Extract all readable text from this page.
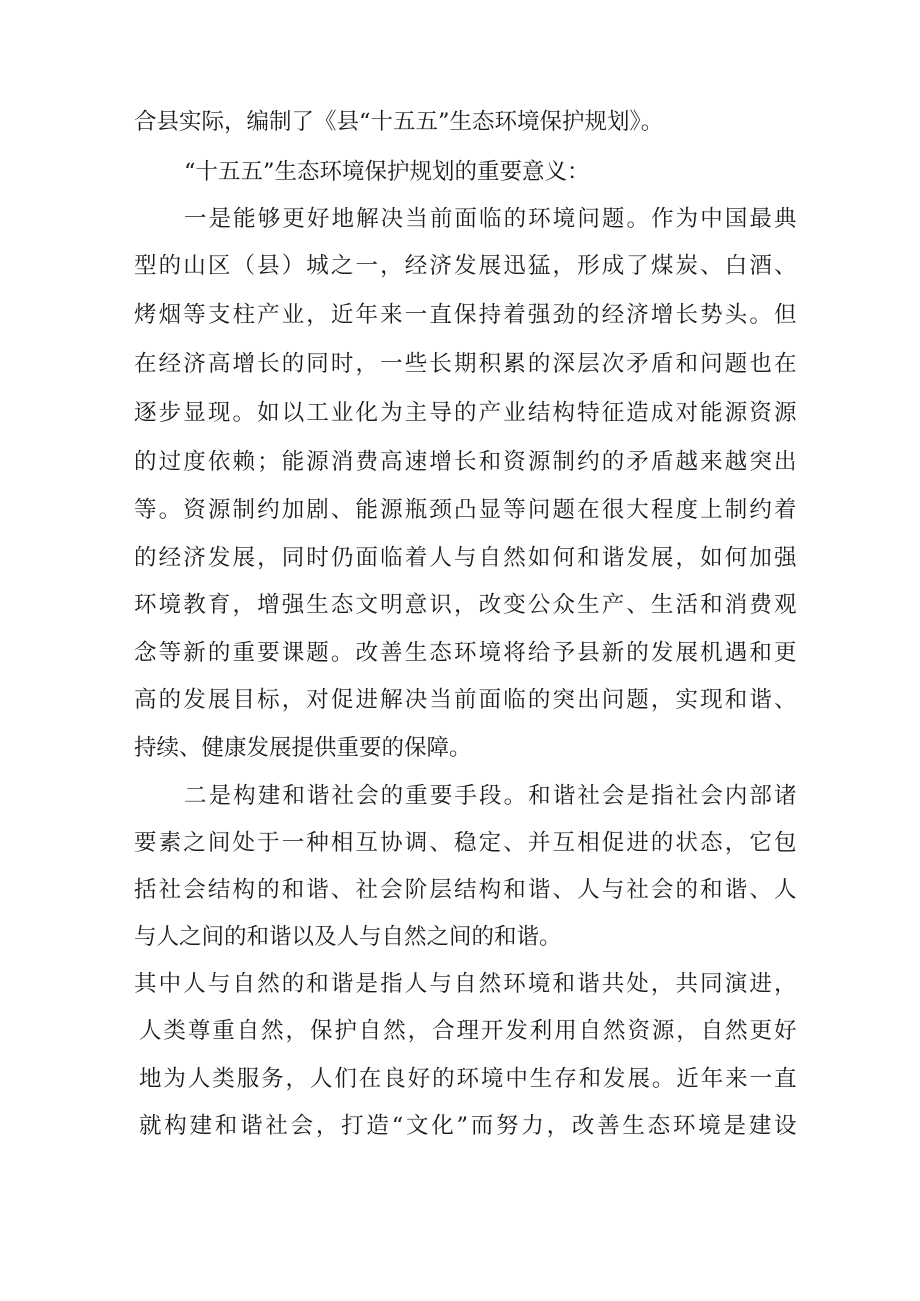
合县实际，编制了《县“十五五”生态环境保护规划》。
“十五五”生态环境保护规划的重要意义：
一是能够更好地解决当前面临的环境问题。作为中国最典
型的山区（县）城之一，经济发展迅猛，形成了煤炭、白酒、
烤烟等支柱产业，近年来一直保持着强劲的经济增长势头。但
在经济高增长的同时，一些长期积累的深层次矛盾和问题也在
逐步显现。如以工业化为主导的产业结构特征造成对能源资源
的过度依赖；能源消费高速增长和资源制约的矛盾越来越突出
等。资源制约加剧、能源瓶颈凸显等问题在很大程度上制约着
的经济发展，同时仍面临着人与自然如何和谐发展，如何加强
环境教育，增强生态文明意识，改变公众生产、生活和消费观
念等新的重要课题。改善生态环境将给予县新的发展机遇和更
高的发展目标，对促进解决当前面临的突出问题，实现和谐、
持续、健康发展提供重要的保障。
二是构建和谐社会的重要手段。和谐社会是指社会内部诸
要素之间处于一种相互协调、稳定、并互相促进的状态，它包
括社会结构的和谐、社会阶层结构和谐、人与社会的和谐、人
与人之间的和谐以及人与自然之间的和谐。
其中人与自然的和谐是指人与自然环境和谐共处，共同演进，
人类尊重自然，保护自然，合理开发利用自然资源，自然更好
地为人类服务，人们在良好的环境中生存和发展。近年来一直
就构建和谐社会，打造“文化”而努力，改善生态环境是建设
